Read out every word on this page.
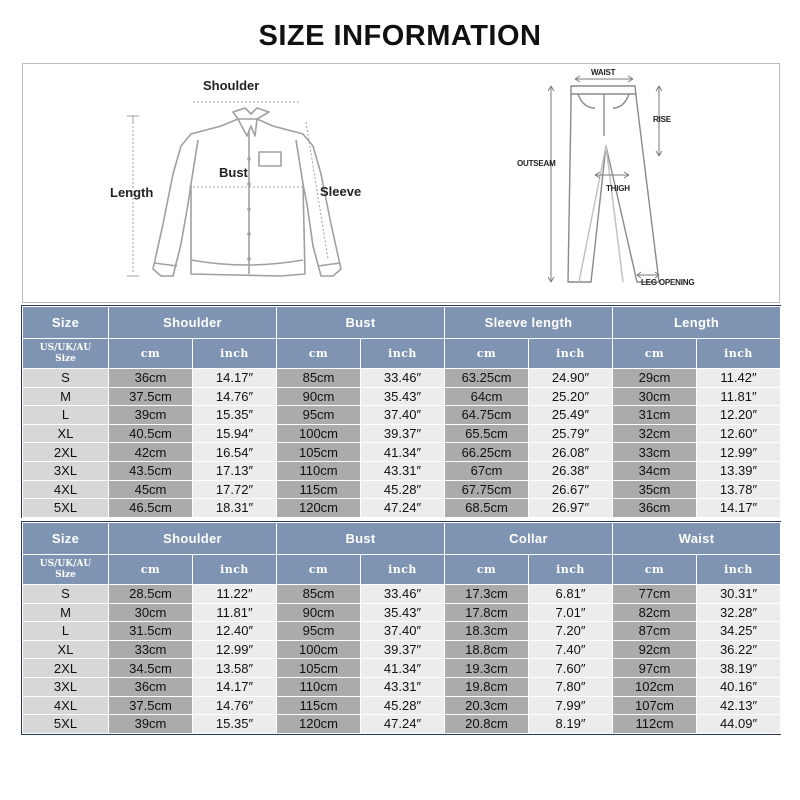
SIZE INFORMATION
Shoulder
Bust
Length	Sleeve
WAIST
RISE
OUTSEAM
THIGH
LEG OPENING
Size	Shoulder		Bust		Sleeve length		Length	

US/UK/AU
Size	cm	inch	cm	inch	cm	inch	cm	inch
S	36cm	14.17″	85cm	33.46″	63.25cm	24.90″	29cm	11.42″
M	37.5cm	14.76″	90cm	35.43″	64cm	25.20″	30cm	11.81″
L	39cm	15.35″	95cm	37.40″	64.75cm	25.49″	31cm	12.20″
XL	40.5cm	15.94″	100cm	39.37″	65.5cm	25.79″	32cm	12.60″
2XL	42cm	16.54″	105cm	41.34″	66.25cm	26.08″	33cm	12.99″
3XL	43.5cm	17.13″	110cm	43.31″	67cm	26.38″	34cm	13.39″
4XL	45cm	17.72″	115cm	45.28″	67.75cm	26.67″	35cm	13.78″
5XL	46.5cm	18.31″	120cm	47.24″	68.5cm	26.97″	36cm	14.17″
Size	Shoulder		Bust		Collar		Waist	

US/UK/AU
Size	cm	inch	cm	inch	cm	inch	cm	inch
S	28.5cm	11.22″	85cm	33.46″	17.3cm	6.81″	77cm	30.31″
M	30cm	11.81″	90cm	35.43″	17.8cm	7.01″	82cm	32.28″
L	31.5cm	12.40″	95cm	37.40″	18.3cm	7.20″	87cm	34.25″
XL	33cm	12.99″	100cm	39.37″	18.8cm	7.40″	92cm	36.22″
2XL	34.5cm	13.58″	105cm	41.34″	19.3cm	7.60″	97cm	38.19″
3XL	36cm	14.17″	110cm	43.31″	19.8cm	7.80″	102cm	40.16″
4XL	37.5cm	14.76″	115cm	45.28″	20.3cm	7.99″	107cm	42.13″
5XL	39cm	15.35″	120cm	47.24″	20.8cm	8.19″	112cm	44.09″
